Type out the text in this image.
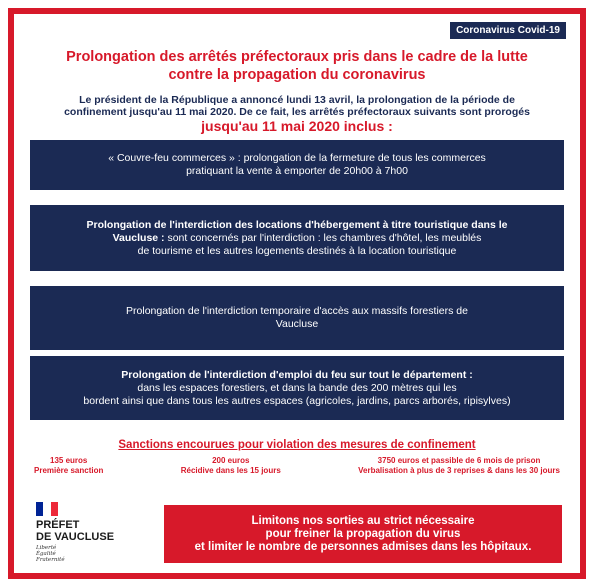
Coronavirus Covid-19
Prolongation des arrêtés préfectoraux pris dans le cadre de la lutte
contre la propagation du coronavirus
Le président de la République a annoncé lundi 13 avril, la prolongation de la période de
confinement jusqu'au 11 mai 2020. De ce fait, les arrêtés préfectoraux suivants sont prorogés
jusqu'au 11 mai 2020 inclus :
« Couvre-feu commerces » : prolongation de la fermeture de tous les commerces
pratiquant la vente à emporter de 20h00 à 7h00
Prolongation de l'interdiction des locations d'hébergement à titre touristique dans le
Vaucluse : sont concernés par l'interdiction : les chambres d'hôtel, les meublés
de tourisme et les autres logements destinés à la location touristique
Prolongation de l'interdiction temporaire d'accès aux massifs forestiers de
Vaucluse
Prolongation de l'interdiction d'emploi du feu sur tout le département :
dans les espaces forestiers, et dans la bande des 200 mètres qui les
bordent ainsi que dans tous les autres espaces (agricoles, jardins, parcs arborés, ripisylves)
Sanctions encourues pour violation des mesures de confinement
135 euros
Première sanction
200 euros
Récidive dans les 15 jours
3750 euros et passible de 6 mois de prison
Verbalisation à plus de 3 reprises & dans les 30 jours
PRÉFET
DE VAUCLUSE
Liberté
Égalité
Fraternité
Limitons nos sorties au strict nécessaire
pour freiner la propagation du virus
et limiter le nombre de personnes admises dans les hôpitaux.
